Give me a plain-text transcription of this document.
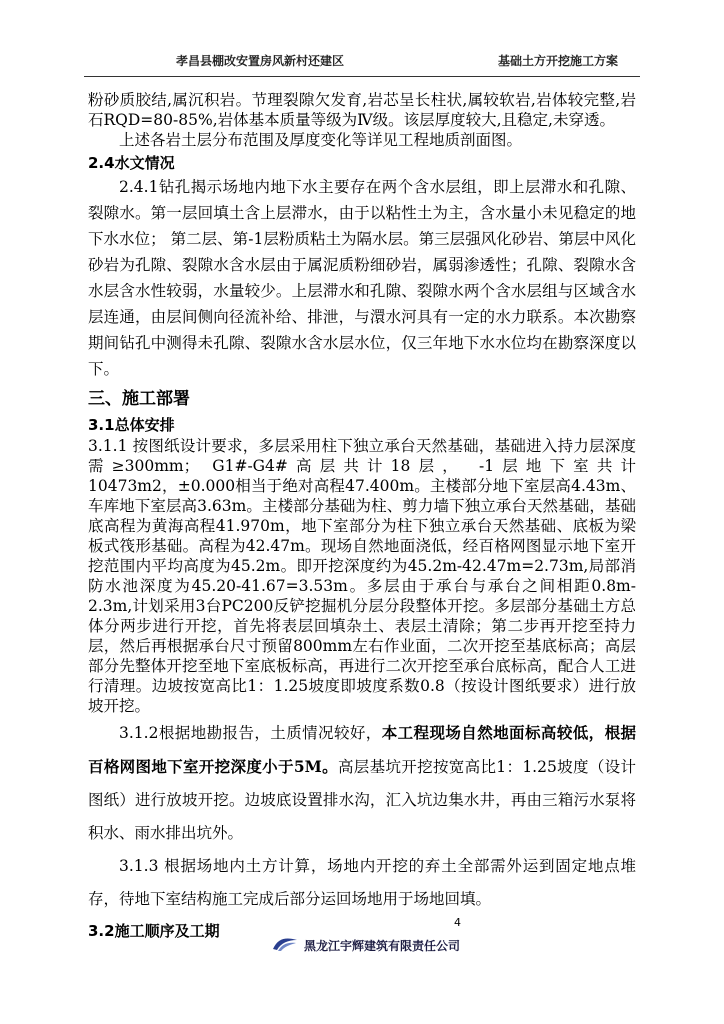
孝昌县棚改安置房风新村还建区	基础土方开挖施工方案

粉砂质胶结,属沉积岩。节理裂隙欠发育,岩芯呈长柱状,属较软岩,岩体较完整,岩石RQD=80-85%,岩体基本质量等级为Ⅳ级。该层厚度较大,且稳定,未穿透。

上述各岩土层分布范围及厚度变化等详见工程地质剖面图。

2.4水文情况

2.4.1钻孔揭示场地内地下水主要存在两个含水层组，即上层滞水和孔隙、裂隙水。第一层回填土含上层滞水，由于以粘性土为主，含水量小未见稳定的地下水水位； 第二层、第-1层粉质粘土为隔水层。第三层强风化砂岩、第层中风化砂岩为孔隙、裂隙水含水层由于属泥质粉细砂岩，属弱渗透性；孔隙、裂隙水含水层含水性较弱，水量较少。上层滞水和孔隙、裂隙水两个含水层组与区域含水层连通，由层间侧向径流补给、排泄，与澴水河具有一定的水力联系。本次勘察期间钻孔中测得未孔隙、裂隙水含水层水位，仅三年地下水水位均在勘察深度以下。

三、施工部署
3.1总体安排

3.1.1 按图纸设计要求，多层采用柱下独立承台天然基础，基础进入持力层深度需≥300mm； G1#-G4#高层共计18层， -1层地下室共计10473m2，±0.000相当于绝对高程47.400m。主楼部分地下室层高4.43m、车库地下室层高3.63m。主楼部分基础为柱、剪力墙下独立承台天然基础，基础底高程为黄海高程41.970m，地下室部分为柱下独立承台天然基础、底板为梁板式筏形基础。高程为42.47m。现场自然地面浇低，经百格网图显示地下室开挖范围内平均高度为45.2m。即开挖深度约为45.2m-42.47m=2.73m,局部消防水池深度为45.20-41.67=3.53m。多层由于承台与承台之间相距0.8m-2.3m,计划采用3台PC200反铲挖掘机分层分段整体开挖。多层部分基础土方总体分两步进行开挖，首先将表层回填杂土、表层土清除；第二步再开挖至持力层，然后再根据承台尺寸预留800mm左右作业面，二次开挖至基底标高；高层部分先整体开挖至地下室底板标高，再进行二次开挖至承台底标高，配合人工进行清理。边坡按宽高比1：1.25坡度即坡度系数0.8（按设计图纸要求）进行放坡开挖。

3.1.2根据地勘报告，土质情况较好，本工程现场自然地面标高较低，根据百格网图地下室开挖深度小于5M。高层基坑开挖按宽高比1：1.25坡度（设计图纸）进行放坡开挖。边坡底设置排水沟，汇入坑边集水井，再由三箱污水泵将积水、雨水排出坑外。

3.1.3 根据场地内土方计算，场地内开挖的弃土全部需外运到固定地点堆存，待地下室结构施工完成后部分运回场地用于场地回填。

3.2施工顺序及工期	4
黑龙江宇辉建筑有限责任公司
